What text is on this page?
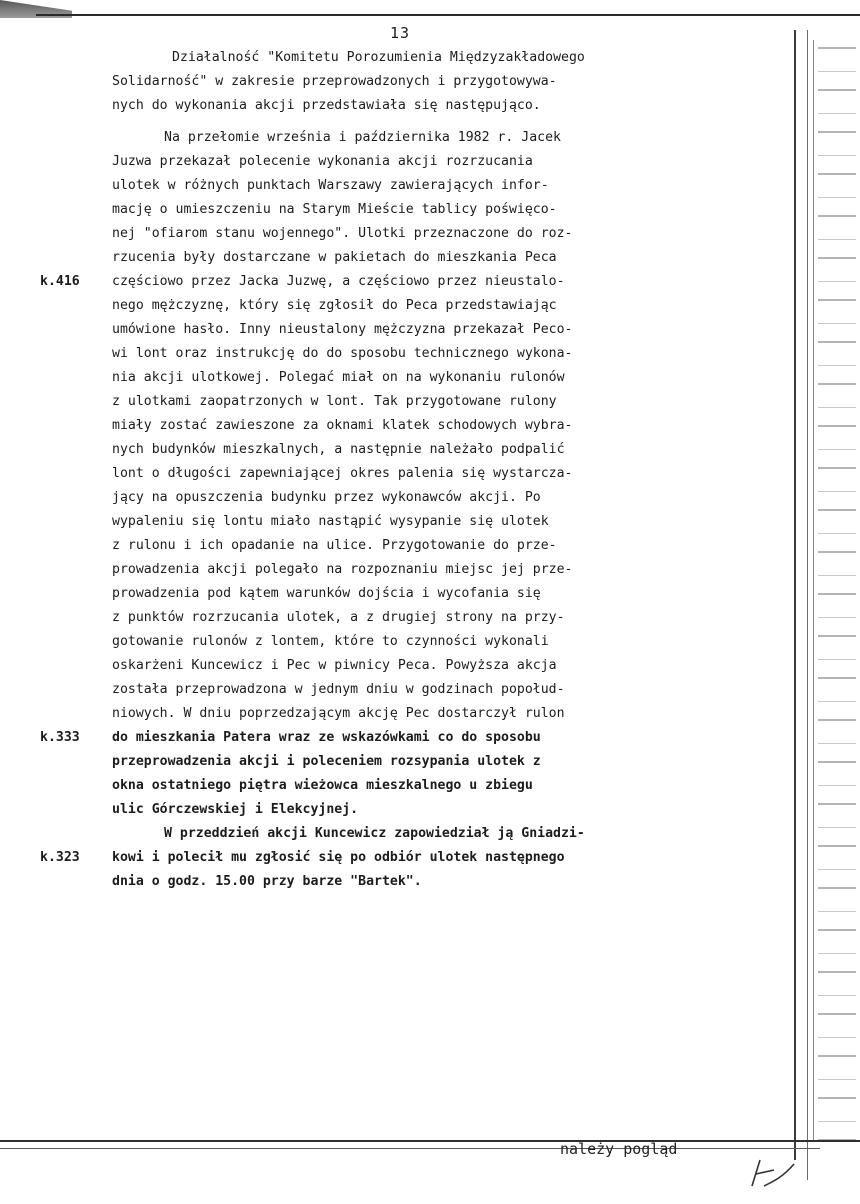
13
Działalność "Komitetu Porozumienia Międzyzakładowego
Solidarność" w zakresie przeprowadzonych i przygotowywa-
nych do wykonania akcji przedstawiała się następująco.
Na przełomie września i października 1982 r. Jacek
Juzwa przekazał polecenie wykonania akcji rozrzucania
ulotek w różnych punktach Warszawy zawierających infor-
mację o umieszczeniu na Starym Mieście tablicy poświęco-
nej "ofiarom stanu wojennego". Ulotki przeznaczone do roz-
rzucenia były dostarczane w pakietach do mieszkania Peca
k.416	częściowo przez Jacka Juzwę, a częściowo przez nieustalo-
nego mężczyznę, który się zgłosił do Peca przedstawiając
umówione hasło. Inny nieustalony mężczyzna przekazał Peco-
wi lont oraz instrukcję do do sposobu technicznego wykona-
nia akcji ulotkowej. Polegać miał on na wykonaniu rulonów
z ulotkami zaopatrzonych w lont. Tak przygotowane rulony
miały zostać zawieszone za oknami klatek schodowych wybra-
nych budynków mieszkalnych, a następnie należało podpalić
lont o długości zapewniającej okres palenia się wystarcza-
jący na opuszczenia budynku przez wykonawców akcji. Po
wypaleniu się lontu miało nastąpić wysypanie się ulotek
z rulonu i ich opadanie na ulice. Przygotowanie do prze-
prowadzenia akcji polegało na rozpoznaniu miejsc jej prze-
prowadzenia pod kątem warunków dojścia i wycofania się
z punktów rozrzucania ulotek, a z drugiej strony na przy-
gotowanie rulonów z lontem, które to czynności wykonali
oskarżeni Kuncewicz i Pec w piwnicy Peca. Powyższa akcja
została przeprowadzona w jednym dniu w godzinach popołud-
niowych. W dniu poprzedzającym akcję Pec dostarczył rulon
k.333	do mieszkania Patera wraz ze wskazówkami co do sposobu
przeprowadzenia akcji i poleceniem rozsypania ulotek z
okna ostatniego piętra wieżowca mieszkalnego u zbiegu
ulic Górczewskiej i Elekcyjnej.
W przeddzień akcji Kuncewicz zapowiedział ją Gniadzi-
k.323	kowi i polecił mu zgłosić się po odbiór ulotek następnego
dnia o godz. 15.00 przy barze "Bartek".
należy pogląd
